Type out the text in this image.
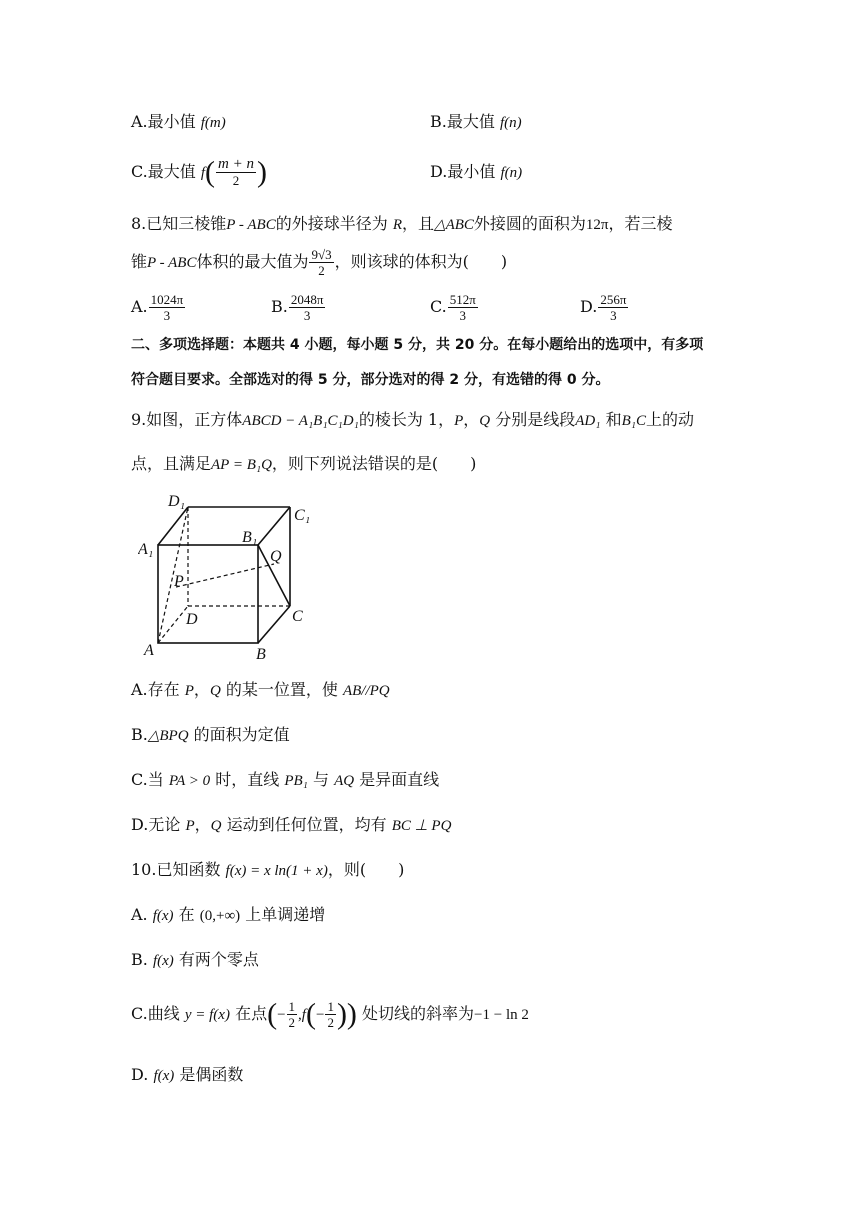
A.最小值 f(m)	B.最大值 f(n)
C.最大值 $f( \frac{m + n}{2}$ )	D.最小值 f(n)
8.已知三棱锥P - ABC的外接球半径为 R，且△ABC外接圆的面积为12π，若三棱
锥P - ABC体积的最大值为 $\frac{9√3}{2}$ ，则该球的体积为(　　)
A. $\frac{1024\pi}{3}$	B. $\frac{2048\pi}{3}$	C. $\frac{512\pi}{3}$	D. $\frac{256\pi}{3}$
二、多项选择题：本题共 4 小题，每小题 5 分，共 20 分。在每小题给出的选项中，有多项
符合题目要求。全部选对的得 5 分，部分选对的得 2 分，有选错的得 0 分。
9.如图，正方体ABCD − A₁B₁C₁D₁的棱长为 1，P，Q 分别是线段AD₁ 和B₁C上的动
点，且满足AP = B₁Q，则下列说法错误的是(　　)
D₁
C₁
A₁
B₁
Q
P
D	C
A	B
A.存在 P，Q 的某一位置，使 AB//PQ
B.△BPQ 的面积为定值
C.当 PA > 0 时，直线 PB₁ 与 AQ 是异面直线
D.无论 P，Q 运动到任何位置，均有 BC ⊥ PQ
10.已知函数 f(x) = x ln(1 + x)，则(　　)
A. f(x) 在 (0,+∞) 上单调递增
B. f(x) 有两个零点
C.曲线 y = f(x) 在点(− $\frac{1}{2} ,f(- \frac{1}{2}$ )) 处切线的斜率为−1 − ln 2
D. f(x) 是偶函数
